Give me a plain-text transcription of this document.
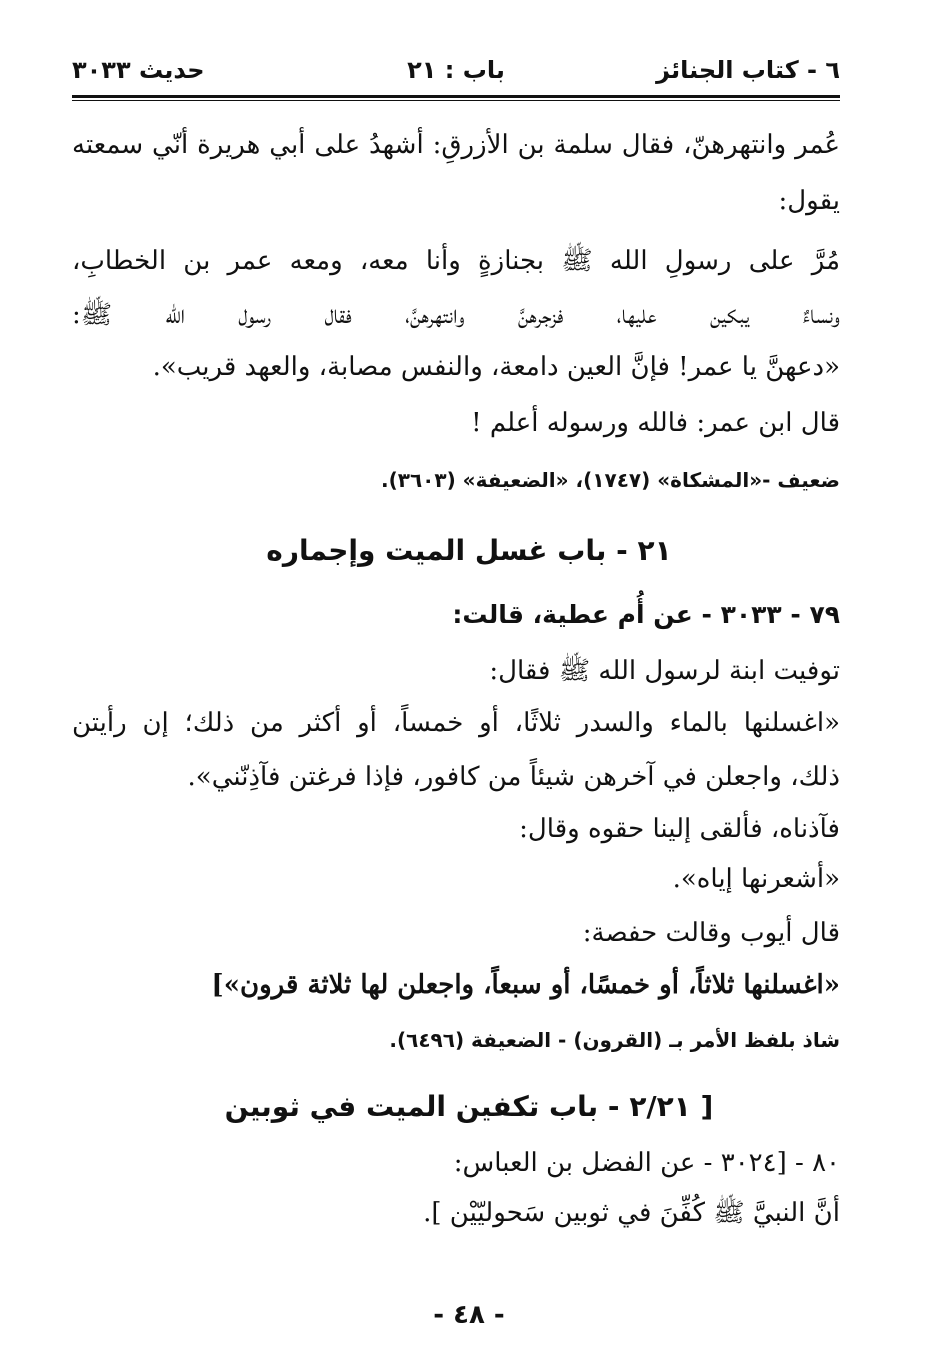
٦ - كتاب الجنائز
باب : ٢١
حديث ٣٠٣٣
عُمر وانتهرهنّ، فقال سلمة بن الأزرقِ: أشهدُ على أبي هريرة أنّي سمعته
يقول:
مُرَّ على رسولِ الله ﷺ بجنازةٍ وأنا معه، ومعه عمر بن الخطابِ،
ونساءٌ يبكين عليها، فزجرهنَّ وانتهرهنَّ، فقال رسول الله ﷺ:
«دعهنَّ يا عمر! فإنَّ العين دامعة، والنفس مصابة، والعهد قريب».
قال ابن عمر: فالله ورسوله أعلم !
ضعيف -«المشكاة» (١٧٤٧)، «الضعيفة» (٣٦٠٣).
٢١ - باب غسل الميت وإجماره
٧٩ - ٣٠٣٣ - عن أُم عطية، قالت:
توفيت ابنة لرسول الله ﷺ فقال:
«اغسلنها بالماء والسدر ثلاثًا، أو خمساً، أو أكثر من ذلك؛ إن رأيتن
ذلك، واجعلن في آخرهن شيئاً من كافور، فإذا فرغتن فآذِنّني».
فآذناه، فألقى إلينا حقوه وقال:
«أشعرنها إياه».
قال أيوب وقالت حفصة:
«اغسلنها ثلاثاً، أو خمسًا، أو سبعاً، واجعلن لها ثلاثة قرون»]
شاذ بلفظ الأمر بـ (القرون) - الضعيفة (٦٤٩٦).
[ ٢/٢١ - باب تكفين الميت في ثوبين
٨٠ - [٣٠٢٤ - عن الفضل بن العباس:
أنَّ النبيَّ ﷺ كُفِّنَ في ثوبين سَحوليّيْن ].
- ٤٨ -
